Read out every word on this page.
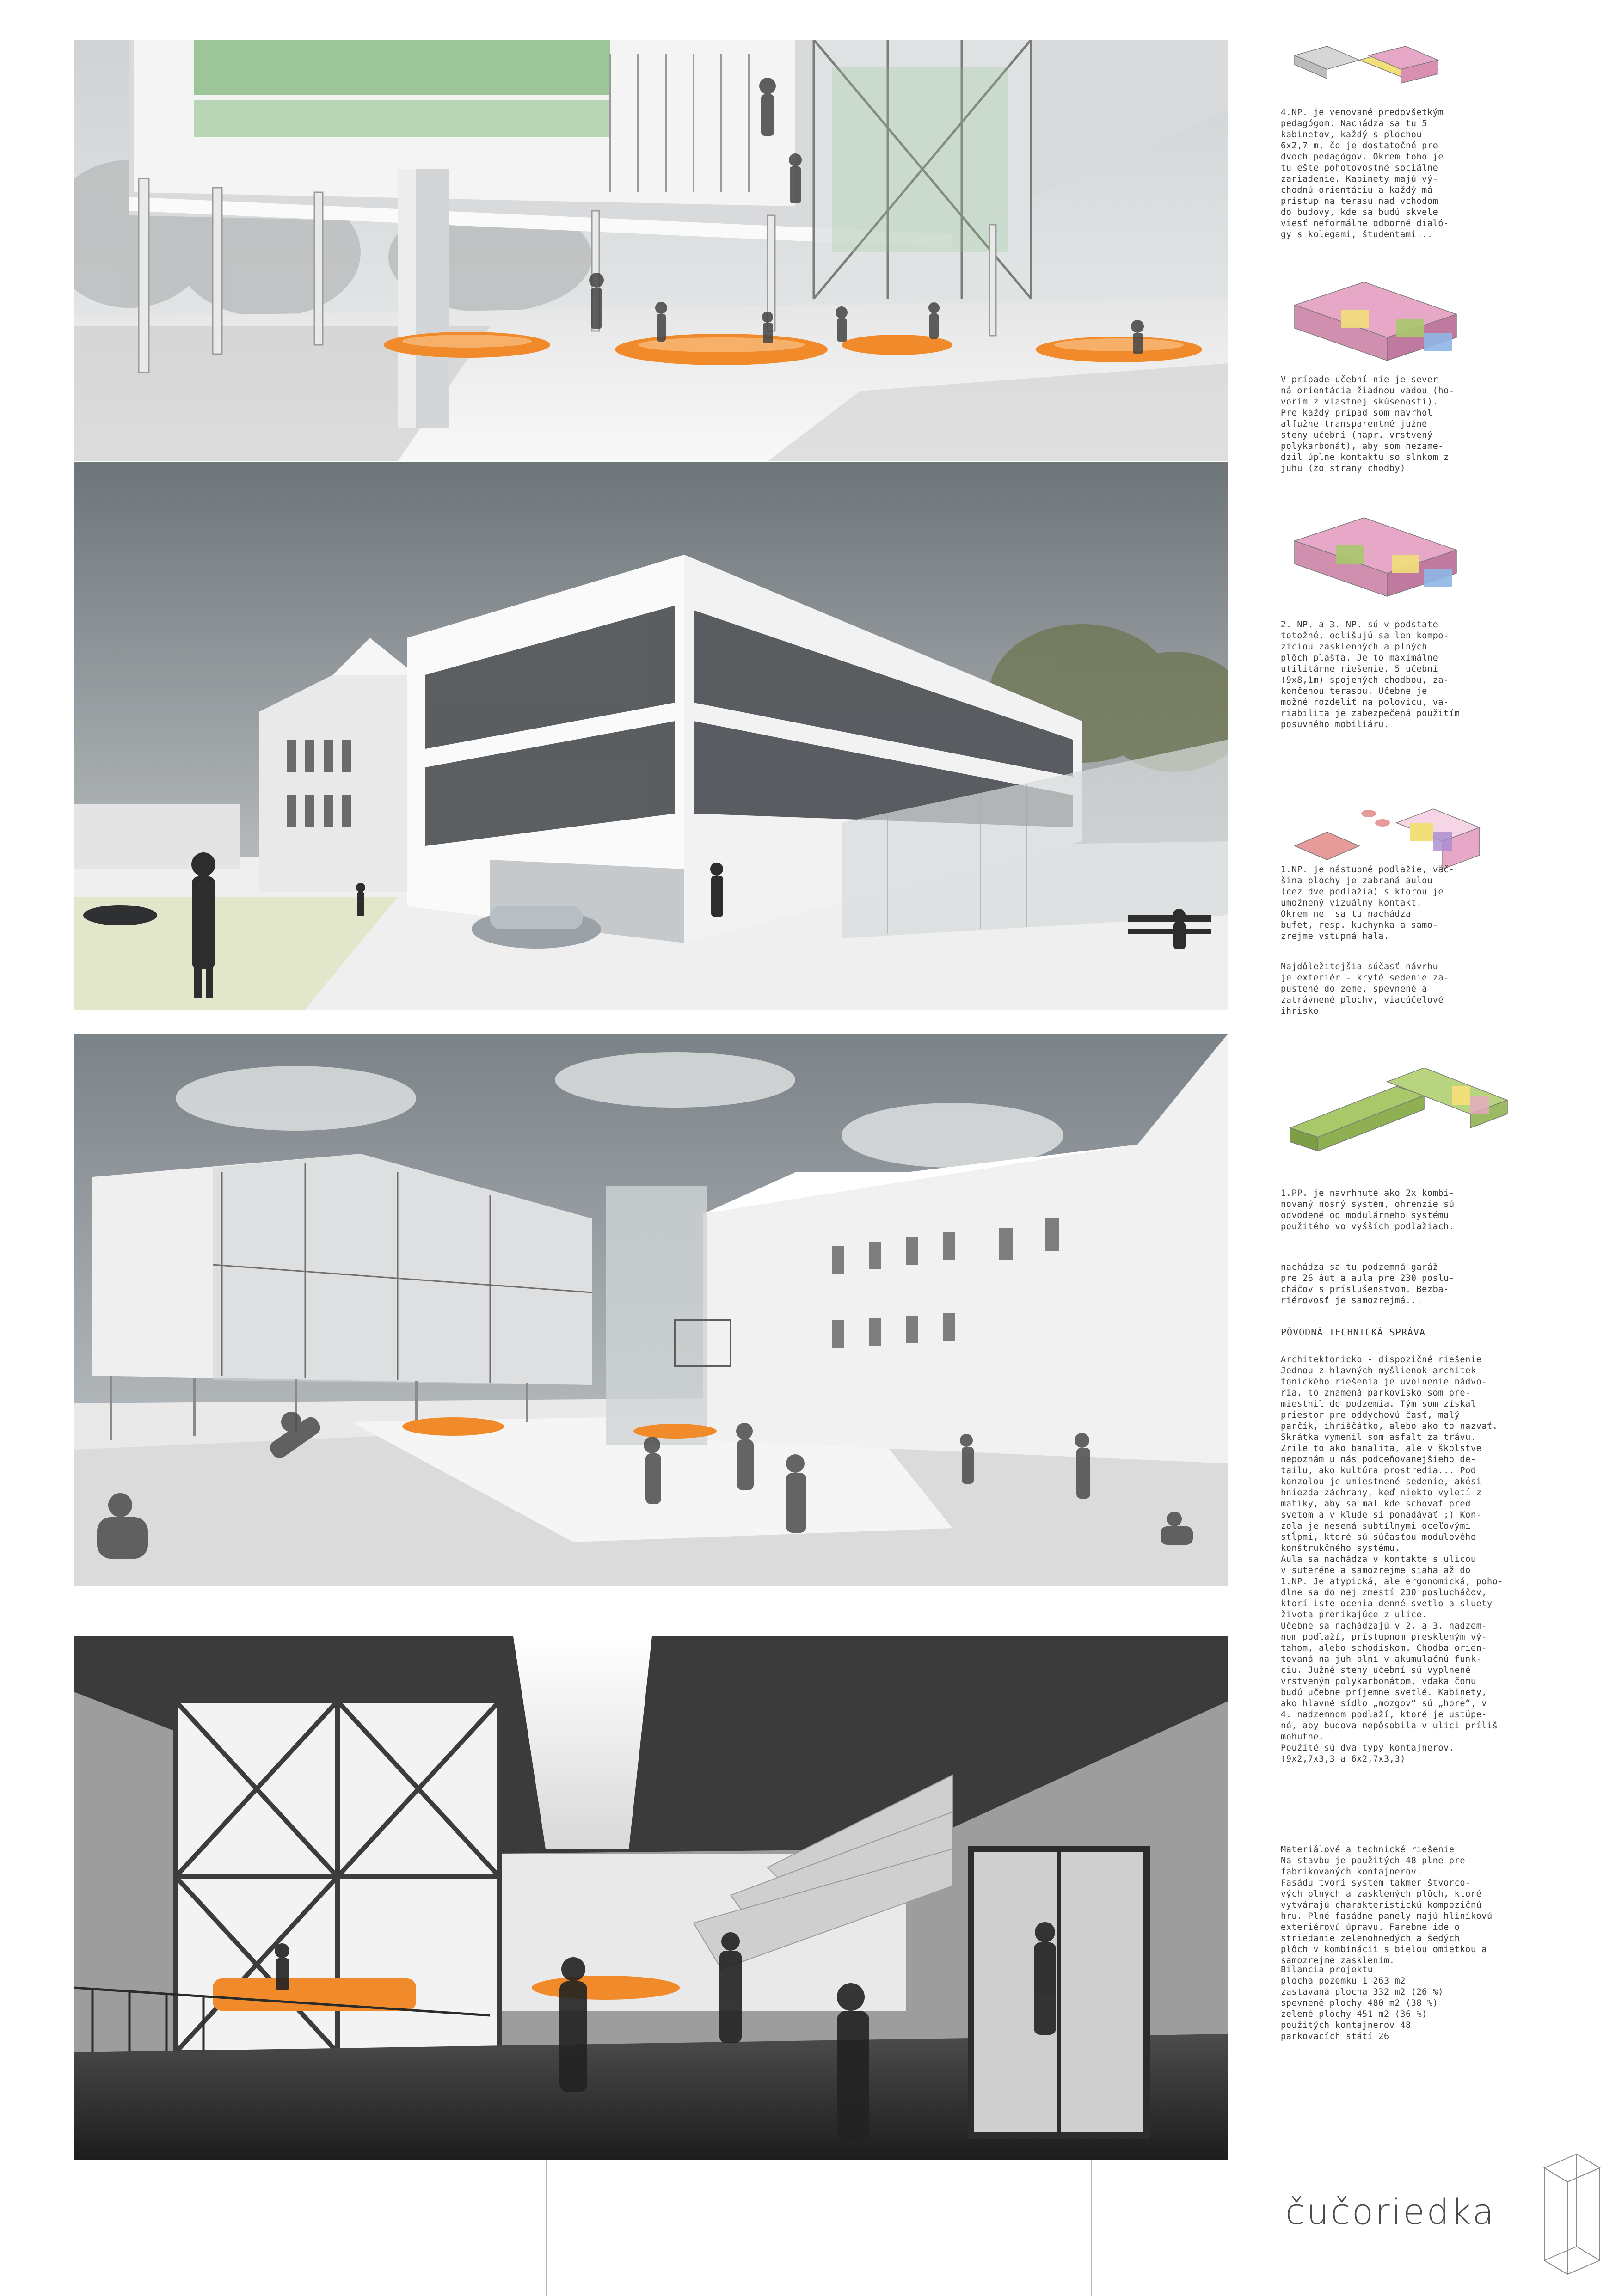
4.NP. je venované predovšetkým
pedagógom. Nachádza sa tu 5
kabinetov, každý s plochou
6x2,7 m, čo je dostatočné pre
dvoch pedagógov. Okrem toho je
tu ešte pohotovostné sociálne
zariadenie. Kabinety majú vý-
chodnú orientáciu a každý má
prístup na terasu nad vchodom
do budovy, kde sa budú skvele
viesť neformálne odborné dialó-
gy s kolegami, študentami...

V prípade učební nie je sever-
ná orientácia žiadnou vadou (ho-
vorím z vlastnej skúsenosti).
Pre každý prípad som navrhol
alfužne transparentné južné
steny učební (napr. vrstvený
polykarbonát), aby som nezame-
dzil úplne kontaktu so slnkom z
juhu (zo strany chodby)

2. NP. a 3. NP. sú v podstate
totožné, odlišujú sa len kompo-
zíciou zasklenných a plných
plôch plášťa. Je to maximálne
utilitárne riešenie. 5 učební
(9x8,1m) spojených chodbou, za-
končenou terasou. Učebne je
možné rozdeliť na polovicu, va-
riabilita je zabezpečená použitím
posuvného mobiliáru.

1.NP. je nástupné podlažie, väč-
šina plochy je zabraná aulou
(cez dve podlažia) s ktorou je
umožnený vizuálny kontakt.
Okrem nej sa tu nachádza
bufet, resp. kuchynka a samo-
zrejme vstupná hala.

Najdôležitejšia súčasť návrhu
je exteriér - kryté sedenie za-
pustené do zeme, spevnené a
zatrávnené plochy, viacúčelové
ihrisko

1.PP. je navrhnuté ako 2x kombi-
novaný nosný systém, ohrenzie sú
odvodené od modulárneho systému
použitého vo vyšších podlažiach.

nachádza sa tu podzemná garáž
pre 26 áut a aula pre 230 poslu-
cháčov s príslušenstvom. Bezba-
riérovosť je samozrejmá...

PÔVODNÁ TECHNICKÁ SPRÁVA

Architektonicko - dispozičné riešenie
Jednou z hlavných myšlienok architek-
tonického riešenia je uvolnenie nádvo-
ria, to znamená parkovisko som pre-
miestnil do podzemia. Tým som získal
priestor pre oddychovú časť, malý
parčík, ihriščátko, alebo ako to nazvať.
Skrátka vymenil som asfalt za trávu.
Zrile to ako banalita, ale v školstve
nepoznám u nás podceňovanejšieho de-
tailu, ako kultúra prostredia... Pod
konzolou je umiestnené sedenie, akési
hniezda záchrany, keď niekto vyletí z
matiky, aby sa mal kde schovať pred
svetom a v klude si ponadávať ;) Kon-
zola je nesená subtílnymi oceľovými
stĺpmi, ktoré sú súčasťou modulového
konštrukčného systému.
Aula sa nachádza v kontakte s ulicou
v suteréne a samozrejme siaha až do
1.NP. Je atypická, ale ergonomická, poho-
dlne sa do nej zmestí 230 poslucháčov,
ktorí iste ocenia denné svetlo a sluety
života prenikajúce z ulice.
Učebne sa nachádzajú v 2. a 3. nadzem-
nom podlaží, prístupnom preskleným vý-
tahom, alebo schodiskom. Chodba orien-
tovaná na juh plní v akumulačnú funk-
ciu. Južné steny učební sú vyplnené
vrstveným polykarbonátom, vďaka čomu
budú učebne príjemne svetlé. Kabinety,
ako hlavné sídlo „mozgov“ sú „hore“, v
4. nadzemnom podlaží, ktoré je ustúpe-
né, aby budova nepôsobila v ulici príliš
mohutne.
Použité sú dva typy kontajnerov.
(9x2,7x3,3 a 6x2,7x3,3)

Materiálové a technické riešenie
Na stavbu je použitých 48 plne pre-
fabrikovaných kontajnerov.
Fasádu tvorí systém takmer štvorco-
vých plných a zasklených plôch, ktoré
vytvárajú charakteristickú kompozičnú
hru. Plné fasádne panely majú hliníkovú
exteriérovú úpravu. Farebne ide o
striedanie zelenohnedých a šedých
plôch v kombinácii s bielou omietkou a
samozrejme zasklením.

Bilancia projektu
plocha pozemku 1 263 m2
zastavaná plocha 332 m2 (26 %)
spevnené plochy 480 m2 (38 %)
zelené plochy 451 m2 (36 %)
použitých kontajnerov 48
parkovacích státí 26

čučoriedka
